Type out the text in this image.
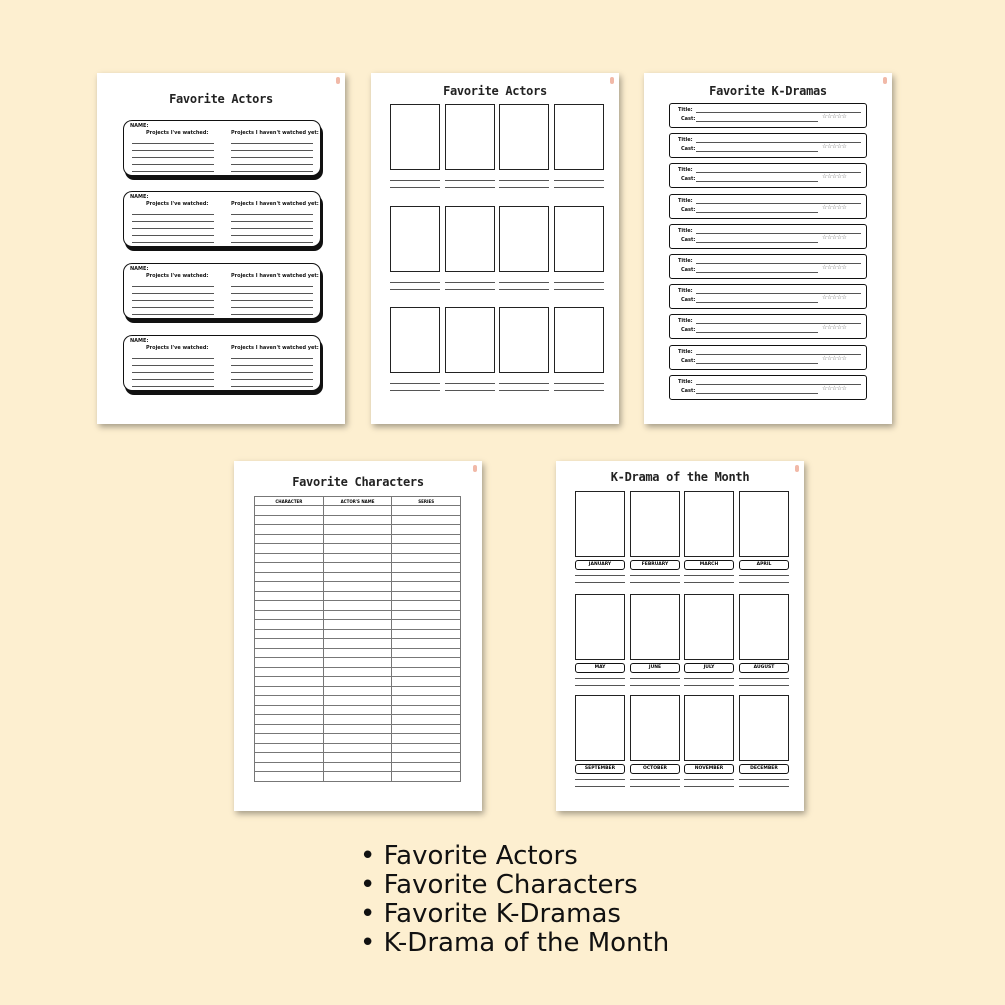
Favorite Actors
NAME:
Projects I've watched:	Projects I haven't watched yet:
NAME:
Projects I've watched:	Projects I haven't watched yet:
NAME:
Projects I've watched:	Projects I haven't watched yet:
NAME:
Projects I've watched:	Projects I haven't watched yet:
Favorite Actors	Favorite K-Dramas
Title:
Cast:	☆☆☆☆☆
Title:
Cast:	☆☆☆☆☆
Title:
Cast:	☆☆☆☆☆
Title:
Cast:	☆☆☆☆☆
Title:
Cast:	☆☆☆☆☆
Title:
Cast:	☆☆☆☆☆
Title:
Cast:	☆☆☆☆☆
Title:
Cast:	☆☆☆☆☆
Title:
Cast:	☆☆☆☆☆
Title:
Cast:	☆☆☆☆☆
Favorite Characters
CHARACTER	ACTOR'S NAME	SERIES

K-Drama of the Month
JANUARY	FEBRUARY	MARCH	APRIL
MAY	JUNE	JULY	AUGUST
SEPTEMBER	OCTOBER	NOVEMBER	DECEMBER
• Favorite Actors
• Favorite Characters
• Favorite K-Dramas
• K-Drama of the Month
